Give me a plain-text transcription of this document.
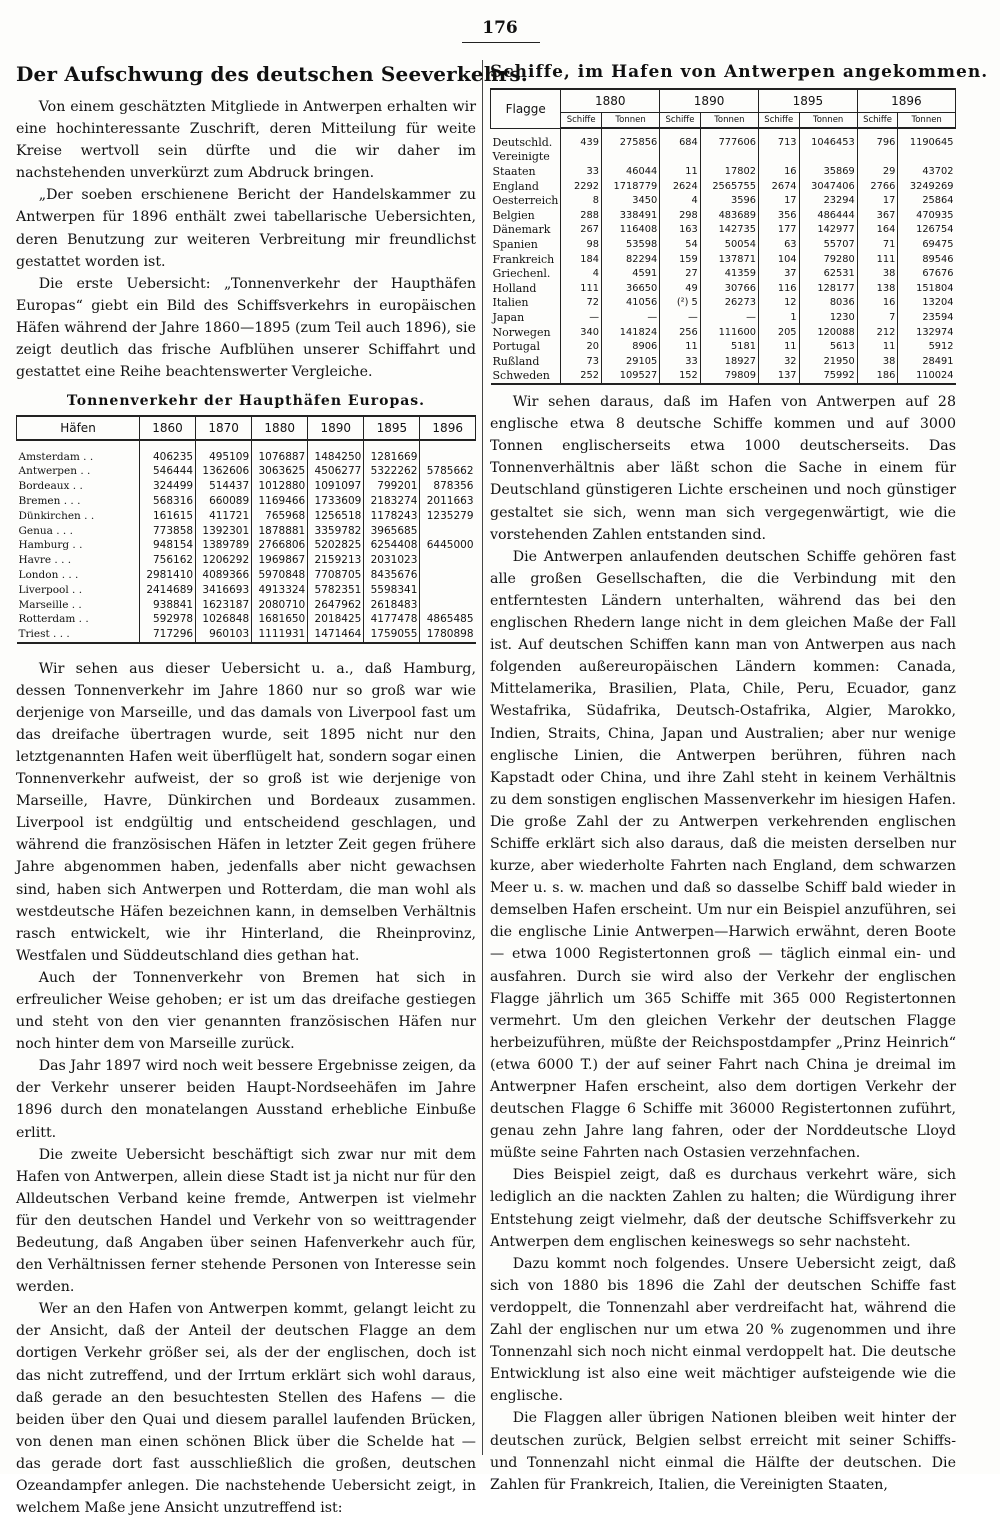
176
Der Aufschwung des deutschen Seeverkehrs.

Von einem geschätzten Mitgliede in Antwerpen erhalten wir eine hochinteressante Zuschrift, deren Mitteilung für weite Kreise wertvoll sein dürfte und die wir daher im nachstehenden unverkürzt zum Abdruck bringen.

„Der soeben erschienene Bericht der Handelskammer zu Antwerpen für 1896 enthält zwei tabellarische Uebersichten, deren Benutzung zur weiteren Verbreitung mir freundlichst gestattet worden ist.

Die erste Uebersicht: „Tonnenverkehr der Haupthäfen Europas“ giebt ein Bild des Schiffsverkehrs in europäischen Häfen während der Jahre 1860—1895 (zum Teil auch 1896), sie zeigt deutlich das frische Aufblühen unserer Schiffahrt und gestattet eine Reihe beachtenswerter Vergleiche.

Tonnenverkehr der Haupthäfen Europas.
Häfen	1860	1870	1880	1890	1895	1896
Amsterdam . .	406235	495109	1076887	1484250	1281669	
Antwerpen . .	546444	1362606	3063625	4506277	5322262	5785662
Bordeaux . .	324499	514437	1012880	1091097	799201	878356
Bremen . . .	568316	660089	1169466	1733609	2183274	2011663
Dünkirchen . .	161615	411721	765968	1256518	1178243	1235279
Genua . . .	773858	1392301	1878881	3359782	3965685	
Hamburg . .	948154	1389789	2766806	5202825	6254408	6445000
Havre . . .	756162	1206292	1969867	2159213	2031023	
London . . .	2981410	4089366	5970848	7708705	8435676	
Liverpool . .	2414689	3416693	4913324	5782351	5598341	
Marseille . .	938841	1623187	2080710	2647962	2618483	
Rotterdam . .	592978	1026848	1681650	2018425	4177478	4865485
Triest . . .	717296	960103	1111931	1471464	1759055	1780898

Wir sehen aus dieser Uebersicht u. a., daß Hamburg, dessen Tonnenverkehr im Jahre 1860 nur so groß war wie derjenige von Marseille, und das damals von Liverpool fast um das dreifache übertragen wurde, seit 1895 nicht nur den letztgenannten Hafen weit überflügelt hat, sondern sogar einen Tonnenverkehr aufweist, der so groß ist wie derjenige von Marseille, Havre, Dünkirchen und Bordeaux zusammen. Liverpool ist endgültig und entscheidend geschlagen, und während die französischen Häfen in letzter Zeit gegen frühere Jahre abgenommen haben, jedenfalls aber nicht gewachsen sind, haben sich Antwerpen und Rotterdam, die man wohl als westdeutsche Häfen bezeichnen kann, in demselben Verhältnis rasch entwickelt, wie ihr Hinterland, die Rheinprovinz, Westfalen und Süddeutschland dies gethan hat.

Auch der Tonnenverkehr von Bremen hat sich in erfreulicher Weise gehoben; er ist um das dreifache gestiegen und steht von den vier genannten französischen Häfen nur noch hinter dem von Marseille zurück.

Das Jahr 1897 wird noch weit bessere Ergebnisse zeigen, da der Verkehr unserer beiden Haupt-Nordseehäfen im Jahre 1896 durch den monatelangen Ausstand erhebliche Einbuße erlitt.

Die zweite Uebersicht beschäftigt sich zwar nur mit dem Hafen von Antwerpen, allein diese Stadt ist ja nicht nur für den Alldeutschen Verband keine fremde, Antwerpen ist vielmehr für den deutschen Handel und Verkehr von so weittragender Bedeutung, daß Angaben über seinen Hafenverkehr auch für, den Verhältnissen ferner stehende Personen von Interesse sein werden.

Wer an den Hafen von Antwerpen kommt, gelangt leicht zu der Ansicht, daß der Anteil der deutschen Flagge an dem dortigen Verkehr größer sei, als der der englischen, doch ist das nicht zutreffend, und der Irrtum erklärt sich wohl daraus, daß gerade an den besuchtesten Stellen des Hafens — die beiden über den Quai und diesem parallel laufenden Brücken, von denen man einen schönen Blick über die Schelde hat — das gerade dort fast ausschließlich die großen, deutschen Ozeandampfer anlegen. Die nachstehende Uebersicht zeigt, in welchem Maße jene Ansicht unzutreffend ist:

Schiffe, im Hafen von Antwerpen angekommen.
Flagge	1880		1890		1895		1896	
	Schiffe	Tonnen	Schiffe	Tonnen	Schiffe	Tonnen	Schiffe	Tonnen
Deutschld.	439	275856	684	777606	713	1046453	796	1190645
Vereinigte								
Staaten	33	46044	11	17802	16	35869	29	43702
England	2292	1718779	2624	2565755	2674	3047406	2766	3249269
Oesterreich	8	3450	4	3596	17	23294	17	25864
Belgien	288	338491	298	483689	356	486444	367	470935
Dänemark	267	116408	163	142735	177	142977	164	126754
Spanien	98	53598	54	50054	63	55707	71	69475
Frankreich	184	82294	159	137871	104	79280	111	89546
Griechenl.	4	4591	27	41359	37	62531	38	67676
Holland	111	36650	49	30766	116	128177	138	151804
Italien	72	41056	(²) 5	26273	12	8036	16	13204
Japan	—	—	—	—	1	1230	7	23594
Norwegen	340	141824	256	111600	205	120088	212	132974
Portugal	20	8906	11	5181	11	5613	11	5912
Rußland	73	29105	33	18927	32	21950	38	28491
Schweden	252	109527	152	79809	137	75992	186	110024

Wir sehen daraus, daß im Hafen von Antwerpen auf 28 englische etwa 8 deutsche Schiffe kommen und auf 3000 Tonnen englischerseits etwa 1000 deutscherseits. Das Tonnenverhältnis aber läßt schon die Sache in einem für Deutschland günstigeren Lichte erscheinen und noch günstiger gestaltet sie sich, wenn man sich vergegenwärtigt, wie die vorstehenden Zahlen entstanden sind.

Die Antwerpen anlaufenden deutschen Schiffe gehören fast alle großen Gesellschaften, die die Verbindung mit den entferntesten Ländern unterhalten, während das bei den englischen Rhedern lange nicht in dem gleichen Maße der Fall ist. Auf deutschen Schiffen kann man von Antwerpen aus nach folgenden außereuropäischen Ländern kommen: Canada, Mittelamerika, Brasilien, Plata, Chile, Peru, Ecuador, ganz Westafrika, Südafrika, Deutsch-Ostafrika, Algier, Marokko, Indien, Straits, China, Japan und Australien; aber nur wenige englische Linien, die Antwerpen berühren, führen nach Kapstadt oder China, und ihre Zahl steht in keinem Verhältnis zu dem sonstigen englischen Massenverkehr im hiesigen Hafen. Die große Zahl der zu Antwerpen verkehrenden englischen Schiffe erklärt sich also daraus, daß die meisten derselben nur kurze, aber wiederholte Fahrten nach England, dem schwarzen Meer u. s. w. machen und daß so dasselbe Schiff bald wieder in demselben Hafen erscheint. Um nur ein Beispiel anzuführen, sei die englische Linie Antwerpen—Harwich erwähnt, deren Boote — etwa 1000 Registertonnen groß — täglich einmal ein- und ausfahren. Durch sie wird also der Verkehr der englischen Flagge jährlich um 365 Schiffe mit 365 000 Registertonnen vermehrt. Um den gleichen Verkehr der deutschen Flagge herbeizuführen, müßte der Reichspostdampfer „Prinz Heinrich“ (etwa 6000 T.) der auf seiner Fahrt nach China je dreimal im Antwerpner Hafen erscheint, also dem dortigen Verkehr der deutschen Flagge 6 Schiffe mit 36000 Registertonnen zuführt, genau zehn Jahre lang fahren, oder der Norddeutsche Lloyd müßte seine Fahrten nach Ostasien verzehnfachen.

Dies Beispiel zeigt, daß es durchaus verkehrt wäre, sich lediglich an die nackten Zahlen zu halten; die Würdigung ihrer Entstehung zeigt vielmehr, daß der deutsche Schiffsverkehr zu Antwerpen dem englischen keineswegs so sehr nachsteht.

Dazu kommt noch folgendes. Unsere Uebersicht zeigt, daß sich von 1880 bis 1896 die Zahl der deutschen Schiffe fast verdoppelt, die Tonnenzahl aber verdreifacht hat, während die Zahl der englischen nur um etwa 20 % zugenommen und ihre Tonnenzahl sich noch nicht einmal verdoppelt hat. Die deutsche Entwicklung ist also eine weit mächtiger aufsteigende wie die englische.

Die Flaggen aller übrigen Nationen bleiben weit hinter der deutschen zurück, Belgien selbst erreicht mit seiner Schiffs- und Tonnenzahl nicht einmal die Hälfte der deutschen. Die Zahlen für Frankreich, Italien, die Vereinigten Staaten,
